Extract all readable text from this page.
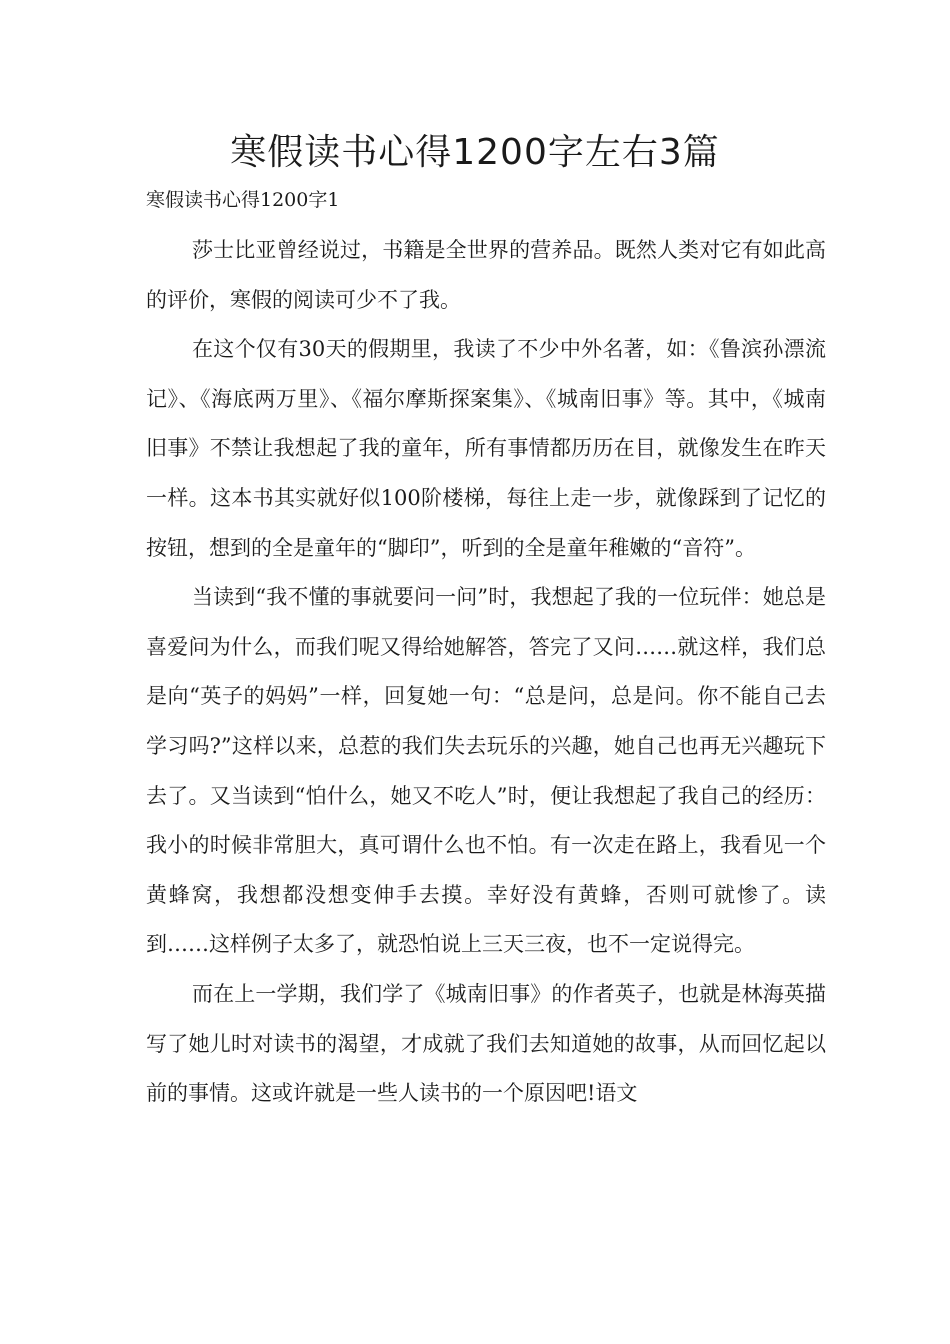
寒假读书心得1200字左右3篇
寒假读书心得1200字1

莎士比亚曾经说过，书籍是全世界的营养品。既然人类对它有如此高的评价，寒假的阅读可少不了我。

在这个仅有30天的假期里，我读了不少中外名著，如：《鲁滨孙漂流记》、《海底两万里》、《福尔摩斯探案集》、《城南旧事》等。其中，《城南旧事》不禁让我想起了我的童年，所有事情都历历在目，就像发生在昨天一样。这本书其实就好似100阶楼梯，每往上走一步，就像踩到了记忆的按钮，想到的全是童年的“脚印”，听到的全是童年稚嫩的“音符”。

当读到“我不懂的事就要问一问”时，我想起了我的一位玩伴：她总是喜爱问为什么，而我们呢又得给她解答，答完了又问……就这样，我们总是向“英子的妈妈”一样，回复她一句：“总是问，总是问。你不能自己去学习吗?”这样以来，总惹的我们失去玩乐的兴趣，她自己也再无兴趣玩下去了。又当读到“怕什么，她又不吃人”时，便让我想起了我自己的经历：我小的时候非常胆大，真可谓什么也不怕。有一次走在路上，我看见一个黄蜂窝，我想都没想变伸手去摸。幸好没有黄蜂，否则可就惨了。读到……这样例子太多了，就恐怕说上三天三夜，也不一定说得完。

而在上一学期，我们学了《城南旧事》的作者英子，也就是林海英描写了她儿时对读书的渴望，才成就了我们去知道她的故事，从而回忆起以前的事情。这或许就是一些人读书的一个原因吧!语文
